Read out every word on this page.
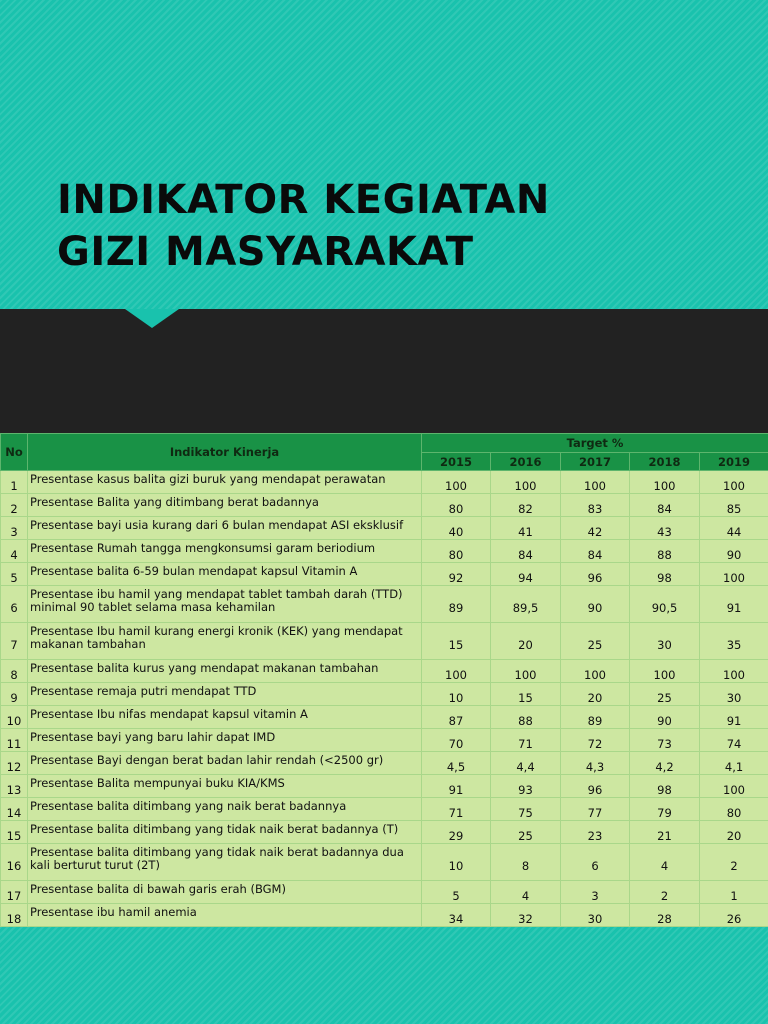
INDIKATOR KEGIATAN
GIZI MASYARAKAT
No	Indikator Kinerja	Target %				
		2015	2016	2017	2018	2019
1	Presentase kasus balita gizi buruk yang mendapat perawatan	100	100	100	100	100
2	Presentase Balita yang ditimbang berat badannya	80	82	83	84	85
3	Presentase bayi usia kurang dari 6 bulan mendapat ASI eksklusif	40	41	42	43	44
4	Presentase Rumah tangga mengkonsumsi garam beriodium	80	84	84	88	90
5	Presentase balita 6-59 bulan mendapat kapsul Vitamin A	92	94	96	98	100
6	Presentase ibu hamil yang mendapat tablet tambah darah (TTD) minimal 90 tablet selama masa kehamilan	89	89,5	90	90,5	91
7	Presentase Ibu hamil kurang energi kronik (KEK) yang mendapat makanan tambahan	15	20	25	30	35
8	Presentase balita kurus yang mendapat makanan tambahan	100	100	100	100	100
9	Presentase remaja putri mendapat TTD	10	15	20	25	30
10	Presentase Ibu nifas mendapat kapsul vitamin A	87	88	89	90	91
11	Presentase bayi yang baru lahir dapat IMD	70	71	72	73	74
12	Presentase Bayi dengan berat badan lahir rendah (<2500 gr)	4,5	4,4	4,3	4,2	4,1
13	Presentase Balita mempunyai buku KIA/KMS	91	93	96	98	100
14	Presentase balita ditimbang yang naik berat badannya	71	75	77	79	80
15	Presentase balita ditimbang yang tidak naik berat badannya (T)	29	25	23	21	20
16	Presentase balita ditimbang yang tidak naik berat badannya dua kali berturut turut (2T)	10	8	6	4	2
17	Presentase balita di bawah garis erah (BGM)	5	4	3	2	1
18	Presentase ibu hamil anemia	34	32	30	28	26
